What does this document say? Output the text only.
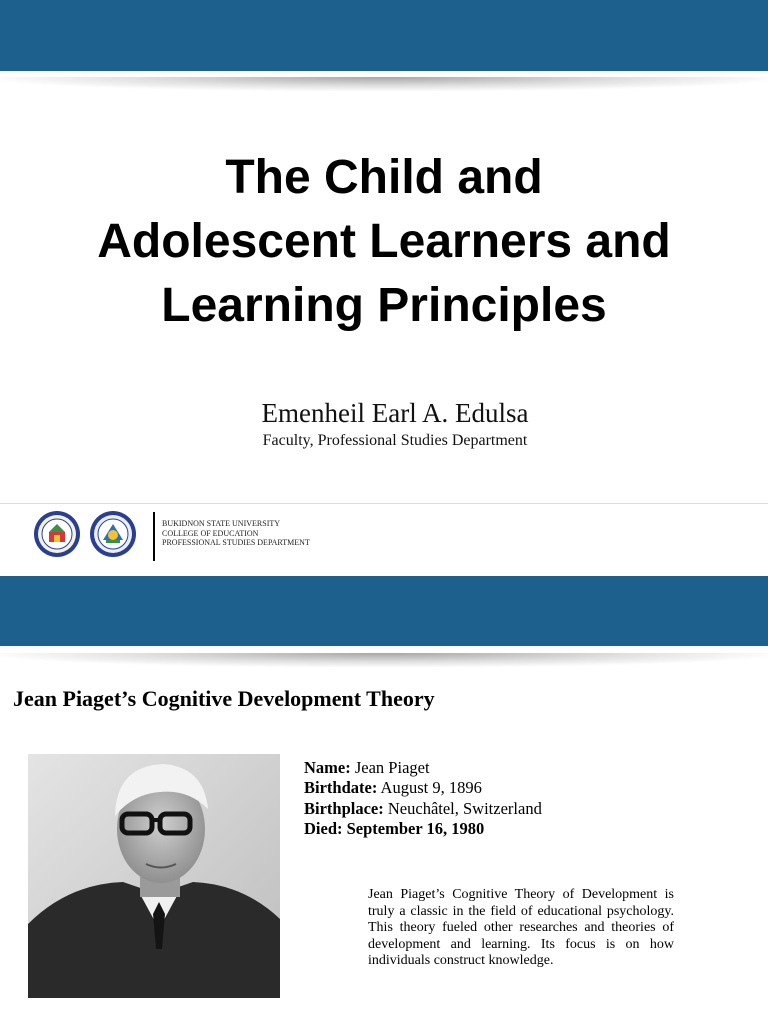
The Child and
Adolescent Learners and
Learning Principles
Emenheil Earl A. Edulsa
Faculty, Professional Studies Department
BUKIDNON STATE UNIVERSITY
COLLEGE OF EDUCATION
PROFESSIONAL STUDIES DEPARTMENT
Jean Piaget’s Cognitive Development Theory
Name: Jean Piaget
Birthdate: August 9, 1896
Birthplace: Neuchâtel, Switzerland
Died: September 16, 1980
Jean Piaget’s Cognitive Theory of Development is truly a classic in the field of educational psychology. This theory fueled other researches and theories of development and learning. Its focus is on how individuals construct knowledge.
